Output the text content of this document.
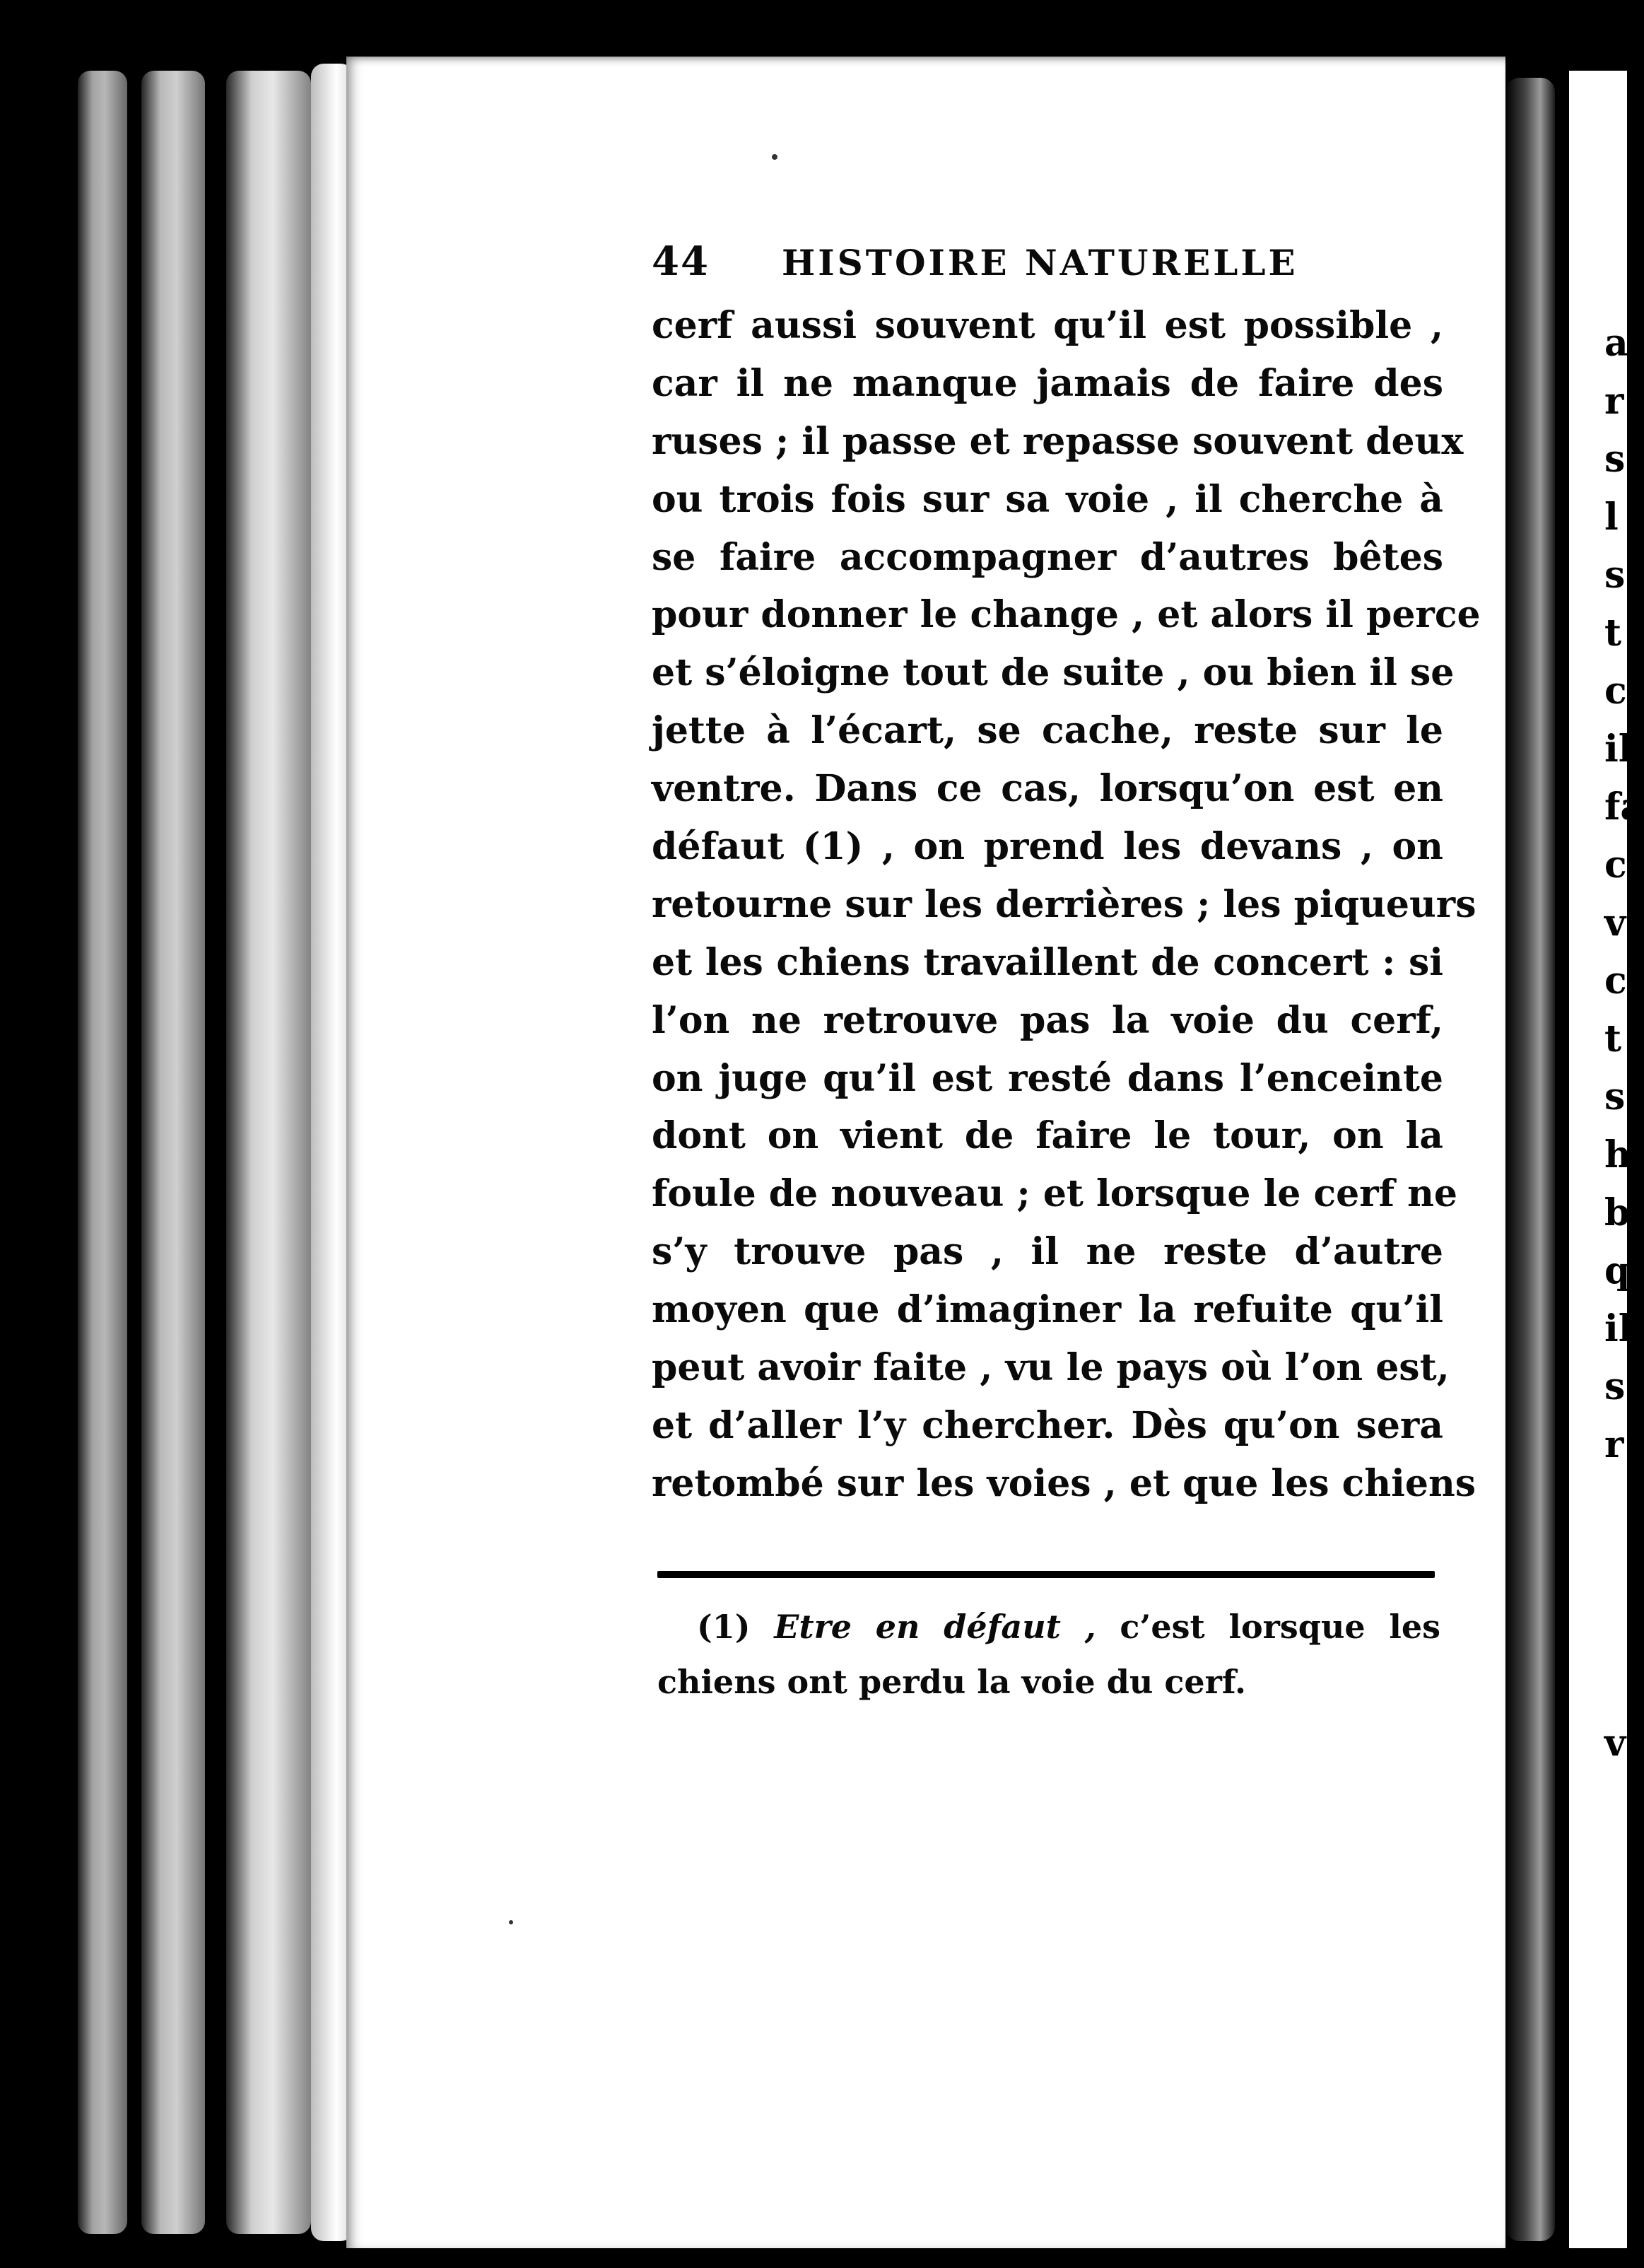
a
r
s
l
s
t
c
il
fa
c
v
c
t
s
h
b
q
il
s
r
v
44 HISTOIRE NATURELLE
cerf aussi souvent qu’il est possible ,
car il ne manque jamais de faire des
ruses ; il passe et repasse souvent deux
ou trois fois sur sa voie , il cherche à
se faire accompagner d’autres bêtes
pour donner le change , et alors il perce
et s’éloigne tout de suite , ou bien il se
jette à l’écart, se cache, reste sur le
ventre. Dans ce cas, lorsqu’on est en
défaut (1) , on prend les devans , on
retourne sur les derrières ; les piqueurs
et les chiens travaillent de concert : si
l’on ne retrouve pas la voie du cerf,
on juge qu’il est resté dans l’enceinte
dont on vient de faire le tour, on la
foule de nouveau ; et lorsque le cerf ne
s’y trouve pas , il ne reste d’autre
moyen que d’imaginer la refuite qu’il
peut avoir faite , vu le pays où l’on est,
et d’aller l’y chercher. Dès qu’on sera
retombé sur les voies , et que les chiens
(1) Etre en défaut , c’est lorsque les
chiens ont perdu la voie du cerf.
